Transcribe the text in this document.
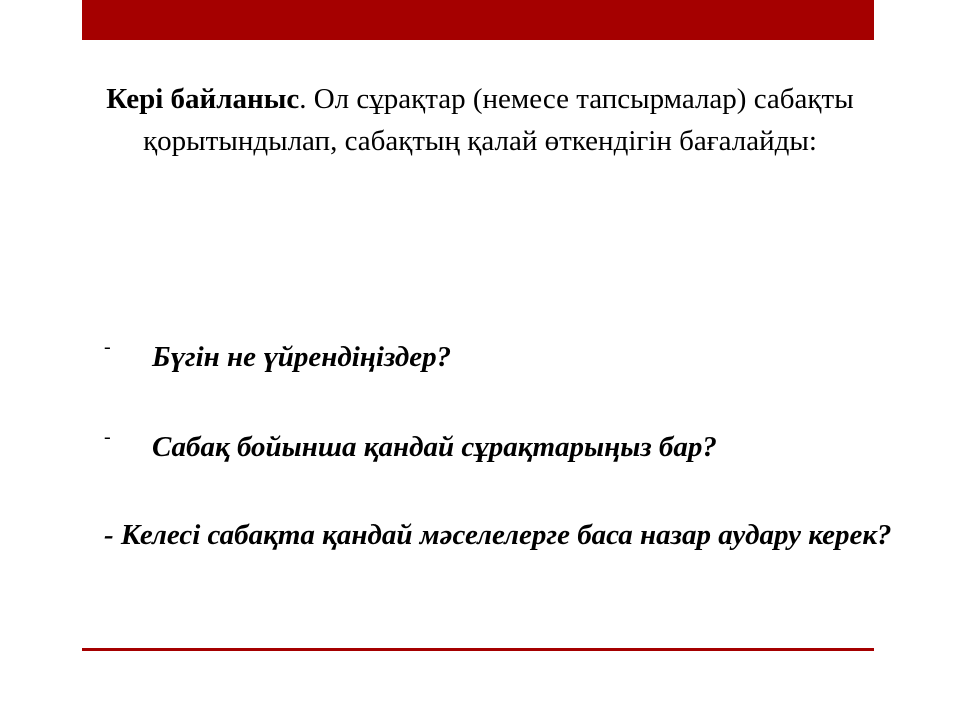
Кері байланыс. Ол сұрақтар (немесе тапсырмалар) сабақты қорытындылап, сабақтың қалай өткендігін бағалайды:
- Бүгін не үйрендіңіздер?
- Сабақ бойынша қандай сұрақтарыңыз бар?
- Келесі сабақта қандай мәселелерге баса назар аудару керек?
